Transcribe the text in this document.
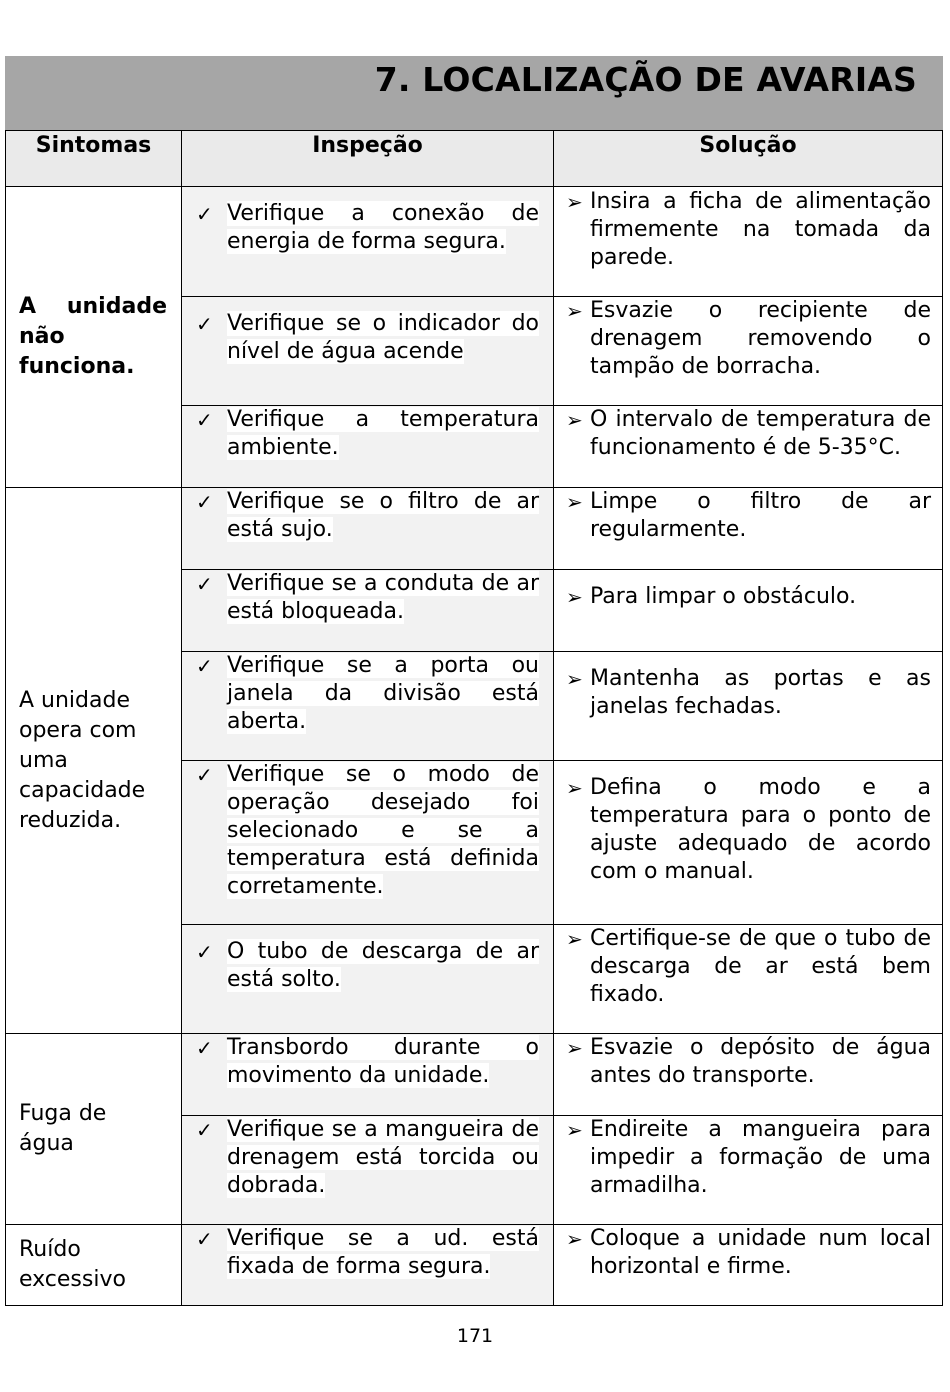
7. LOCALIZAÇÃO DE AVARIAS
Sintomas	Inspeção	Solução
A unidade não funciona.
A unidade opera com uma capacidade reduzida.
Fuga de água
Ruído excessivo
✓ Verifique a conexão de energia de forma segura.
➢ Insira a ficha de alimentação firmemente na tomada da parede.
✓ Verifique se o indicador do nível de água acende
➢ Esvazie o recipiente de drenagem removendo o tampão de borracha.
✓ Verifique a temperatura ambiente.
➢ O intervalo de temperatura de funcionamento é de 5-35°C.
✓ Verifique se o filtro de ar está sujo.
➢ Limpe o filtro de ar regularmente.
✓ Verifique se a conduta de ar está bloqueada.
➢ Para limpar o obstáculo.
✓ Verifique se a porta ou janela da divisão está aberta.
➢ Mantenha as portas e as janelas fechadas.
✓ Verifique se o modo de operação desejado foi selecionado e se a temperatura está definida corretamente.
➢ Defina o modo e a temperatura para o ponto de ajuste adequado de acordo com o manual.
✓ O tubo de descarga de ar está solto.
➢ Certifique-se de que o tubo de descarga de ar está bem fixado.
✓ Transbordo durante o movimento da unidade.
➢ Esvazie o depósito de água antes do transporte.
✓ Verifique se a mangueira de drenagem está torcida ou dobrada.
➢ Endireite a mangueira para impedir a formação de uma armadilha.
✓ Verifique se a ud. está fixada de forma segura.
➢ Coloque a unidade num local horizontal e firme.
171
